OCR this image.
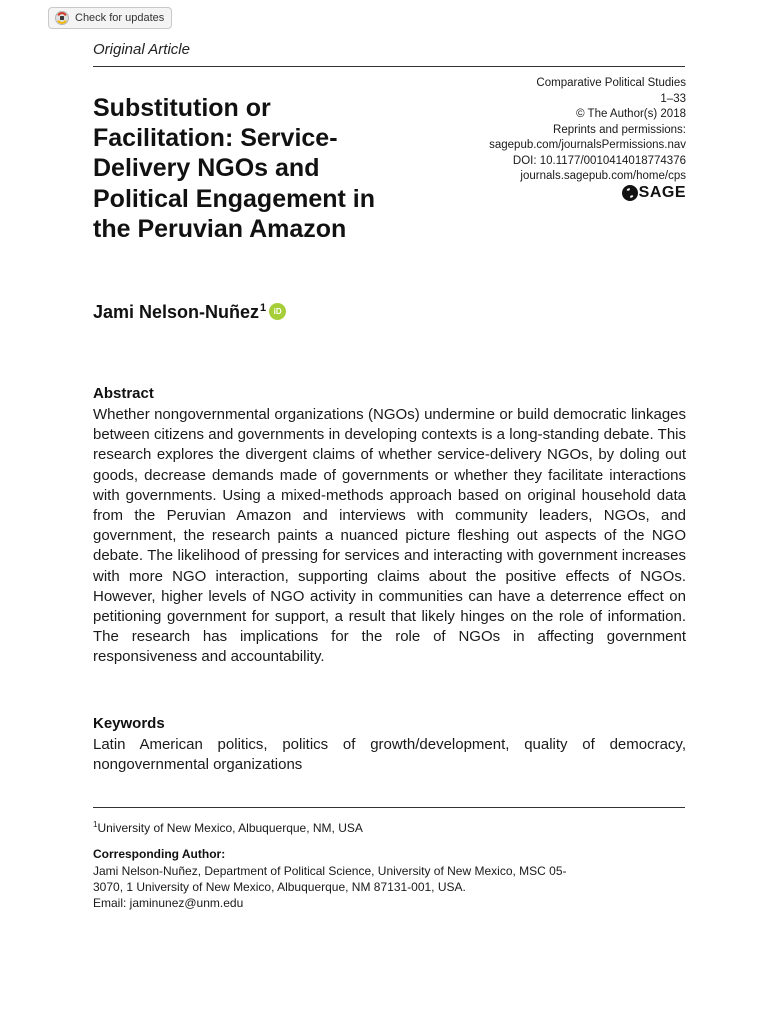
Check for updates
Original Article
Substitution or
Facilitation: Service-
Delivery NGOs and
Political Engagement in
the Peruvian Amazon
Comparative Political Studies
1–33
© The Author(s) 2018
Reprints and permissions:
sagepub.com/journalsPermissions.nav
DOI: 10.1177/0010414018774376
journals.sagepub.com/home/cps
SAGE
Jami Nelson-Nuñez 1 iD
Abstract

Whether nongovernmental organizations (NGOs) undermine or build democratic linkages between citizens and governments in developing contexts is a long-standing debate. This research explores the divergent claims of whether service-delivery NGOs, by doling out goods, decrease demands made of governments or whether they facilitate interactions with governments. Using a mixed-methods approach based on original household data from the Peruvian Amazon and interviews with community leaders, NGOs, and government, the research paints a nuanced picture fleshing out aspects of the NGO debate. The likelihood of pressing for services and interacting with government increases with more NGO interaction, supporting claims about the positive effects of NGOs. However, higher levels of NGO activity in communities can have a deterrence effect on petitioning government for support, a result that likely hinges on the role of information. The research has implications for the role of NGOs in affecting government responsiveness and accountability.

Keywords

Latin American politics, politics of growth/development, quality of democracy, nongovernmental organizations

$^1$University of New Mexico, Albuquerque, NM, USA
Corresponding Author:

Jami Nelson-Nuñez, Department of Political Science, University of New Mexico, MSC 05-
3070, 1 University of New Mexico, Albuquerque, NM 87131-001, USA.
Email: jaminunez@unm.edu
